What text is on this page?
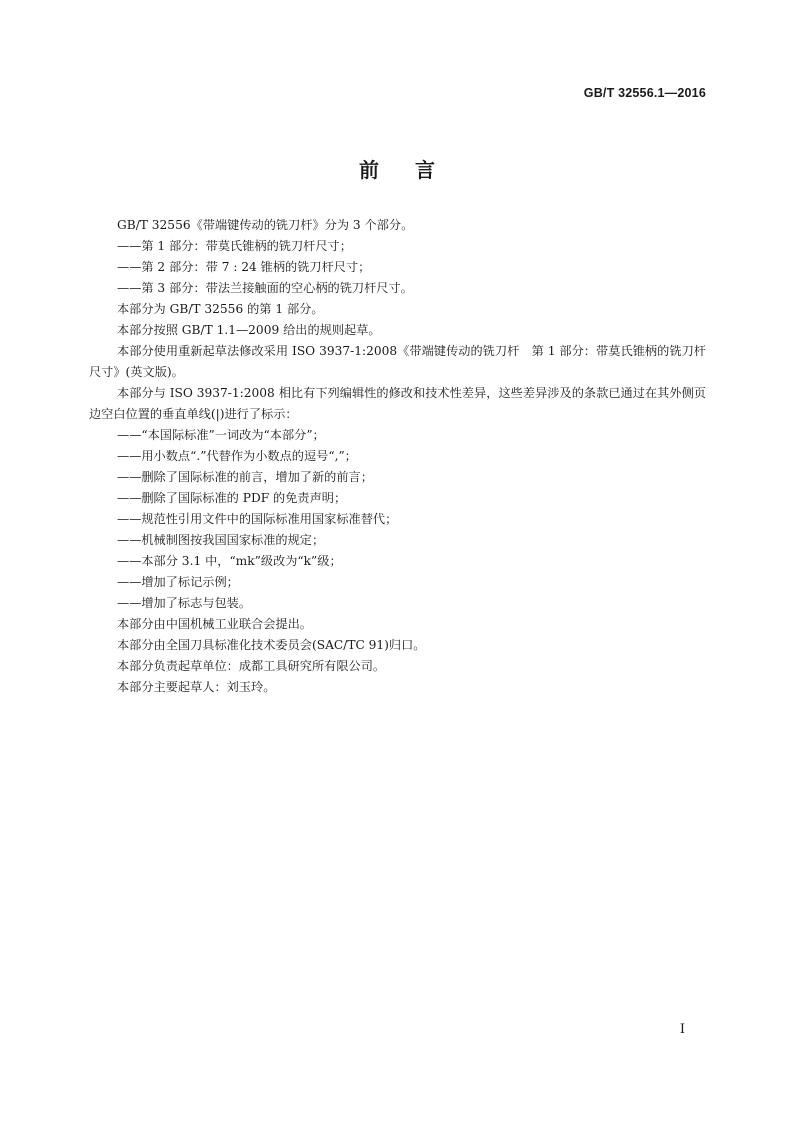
GB/T 32556.1—2016
前言

GB/T 32556《带端键传动的铣刀杆》分为 3 个部分。

——第 1 部分：带莫氏锥柄的铣刀杆尺寸；

——第 2 部分：带 7 : 24 锥柄的铣刀杆尺寸；

——第 3 部分：带法兰接触面的空心柄的铣刀杆尺寸。

本部分为 GB/T 32556 的第 1 部分。

本部分按照 GB/T 1.1—2009 给出的规则起草。

本部分使用重新起草法修改采用 ISO 3937-1:2008《带端键传动的铣刀杆　第 1 部分：带莫氏锥柄的铣刀杆尺寸》(英文版)。

本部分与 ISO 3937-1:2008 相比有下列编辑性的修改和技术性差异，这些差异涉及的条款已通过在其外侧页边空白位置的垂直单线(|)进行了标示：

——“本国际标准”一词改为“本部分”；

——用小数点“.”代替作为小数点的逗号“,”；

——删除了国际标准的前言，增加了新的前言；

——删除了国际标准的 PDF 的免责声明；

——规范性引用文件中的国际标准用国家标准替代；

——机械制图按我国国家标准的规定；

——本部分 3.1 中，“mk”级改为“k”级；

——增加了标记示例；

——增加了标志与包装。

本部分由中国机械工业联合会提出。

本部分由全国刀具标准化技术委员会(SAC/TC 91)归口。

本部分负责起草单位：成都工具研究所有限公司。

本部分主要起草人：刘玉玲。

I
